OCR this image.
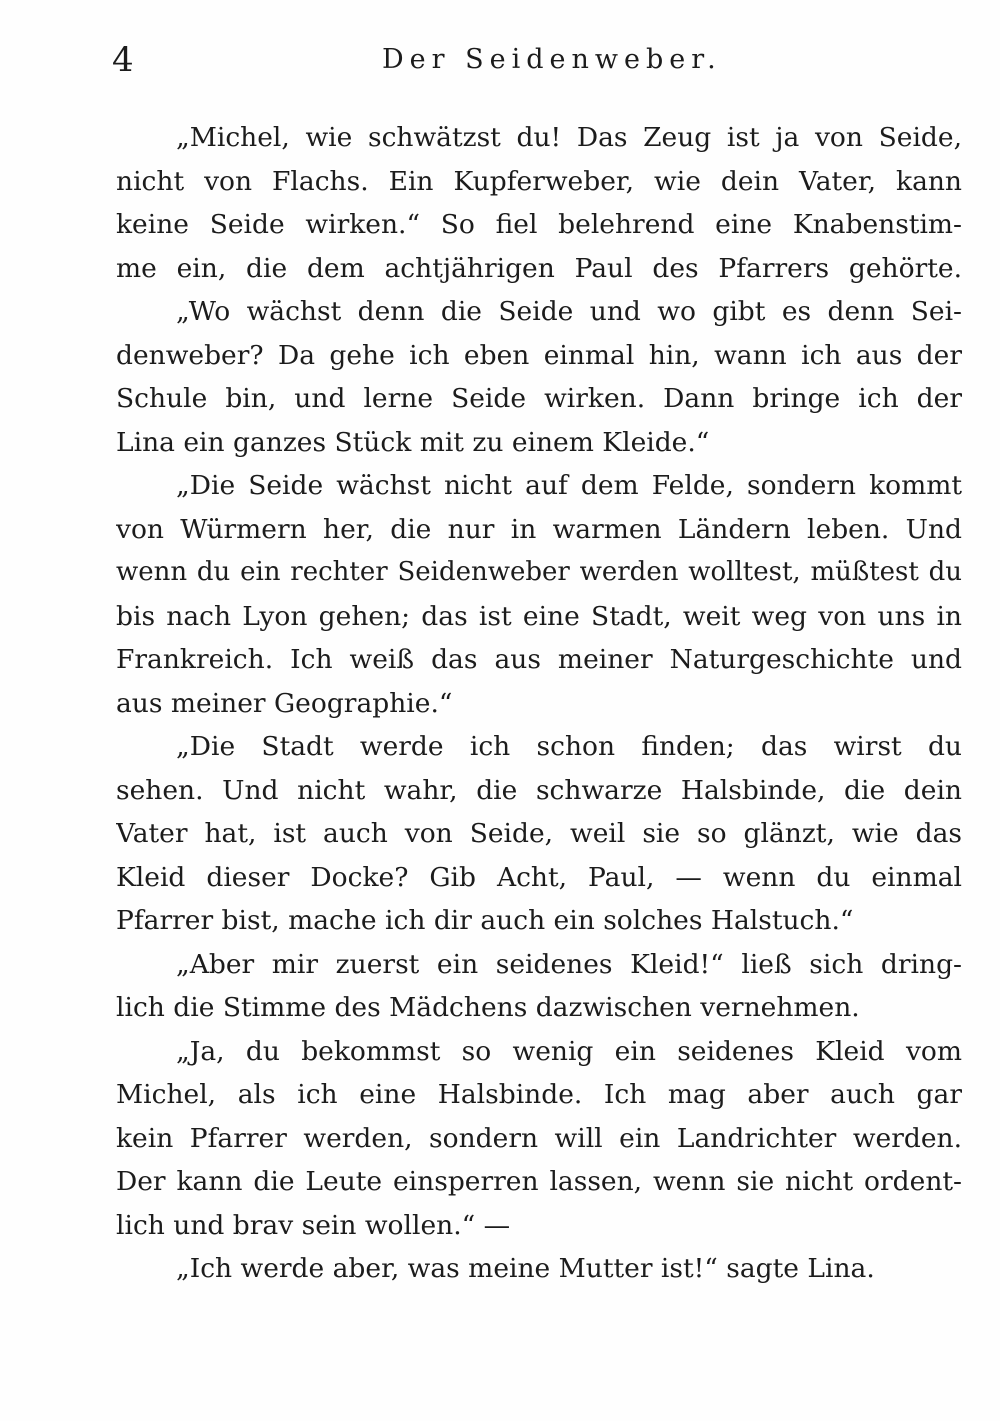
4	Der Seidenweber.
„Michel, wie schwätzst du! Das Zeug ist ja von Seide,
nicht von Flachs. Ein Kupferweber, wie dein Vater, kann
keine Seide wirken.“ So fiel belehrend eine Knabenstim-
me ein, die dem achtjährigen Paul des Pfarrers gehörte.
„Wo wächst denn die Seide und wo gibt es denn Sei-
denweber? Da gehe ich eben einmal hin, wann ich aus der
Schule bin, und lerne Seide wirken. Dann bringe ich der
Lina ein ganzes Stück mit zu einem Kleide.“
„Die Seide wächst nicht auf dem Felde, sondern kommt
von Würmern her, die nur in warmen Ländern leben. Und
wenn du ein rechter Seidenweber werden wolltest, müßtest du
bis nach Lyon gehen; das ist eine Stadt, weit weg von uns in
Frankreich. Ich weiß das aus meiner Naturgeschichte und
aus meiner Geographie.“
„Die Stadt werde ich schon finden; das wirst du
sehen. Und nicht wahr, die schwarze Halsbinde, die dein
Vater hat, ist auch von Seide, weil sie so glänzt, wie das
Kleid dieser Docke? Gib Acht, Paul, — wenn du einmal
Pfarrer bist, mache ich dir auch ein solches Halstuch.“
„Aber mir zuerst ein seidenes Kleid!“ ließ sich dring-
lich die Stimme des Mädchens dazwischen vernehmen.
„Ja, du bekommst so wenig ein seidenes Kleid vom
Michel, als ich eine Halsbinde. Ich mag aber auch gar
kein Pfarrer werden, sondern will ein Landrichter werden.
Der kann die Leute einsperren lassen, wenn sie nicht ordent-
lich und brav sein wollen.“ —
„Ich werde aber, was meine Mutter ist!“ sagte Lina.
